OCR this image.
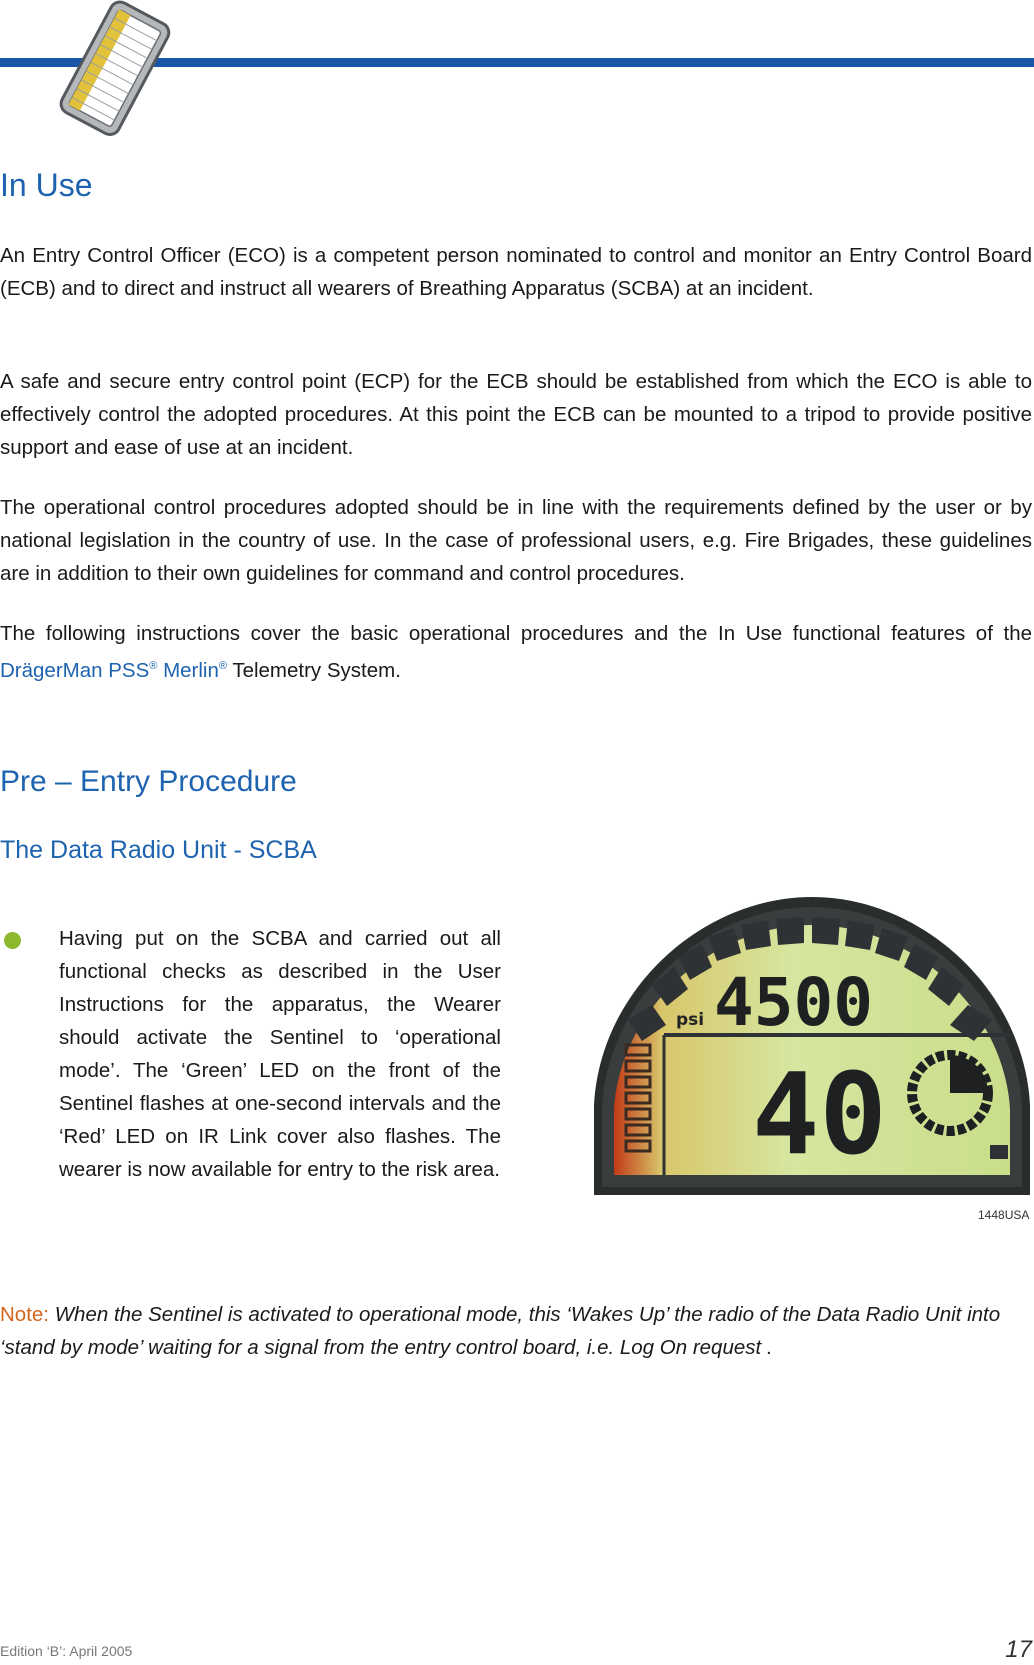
In Use

An Entry Control Officer (ECO) is a competent person nominated to control and monitor an Entry Control Board (ECB) and to direct and instruct all wearers of Breathing Apparatus (SCBA) at an incident.

A safe and secure entry control point (ECP) for the ECB should be established from which the ECO is able to effectively control the adopted procedures. At this point the ECB can be mounted to a tripod to provide positive support and ease of use at an incident.

The operational control procedures adopted should be in line with the requirements defined by the user or by national legislation in the country of use. In the case of professional users, e.g. Fire Brigades, these guidelines are in addition to their own guidelines for command and control procedures.

The following instructions cover the basic operational procedures and the In Use functional features of the DrägerMan PSS® Merlin® Telemetry System.

Pre – Entry Procedure
The Data Radio Unit - SCBA

Having put on the SCBA and carried out all functional checks as described in the User Instructions for the apparatus, the Wearer should activate the Sentinel to ‘operational mode’. The ‘Green’ LED on the front of the Sentinel flashes at one-second intervals and the ‘Red’ LED on IR Link cover also flashes. The wearer is now available for entry to the risk area.

psi 4500
40
1448USA

Note: When the Sentinel is activated to operational mode, this ‘Wakes Up’ the radio of the Data Radio Unit into ‘stand by mode’ waiting for a signal from the entry control board, i.e. Log On request .

Edition ‘B’: April 2005	17
